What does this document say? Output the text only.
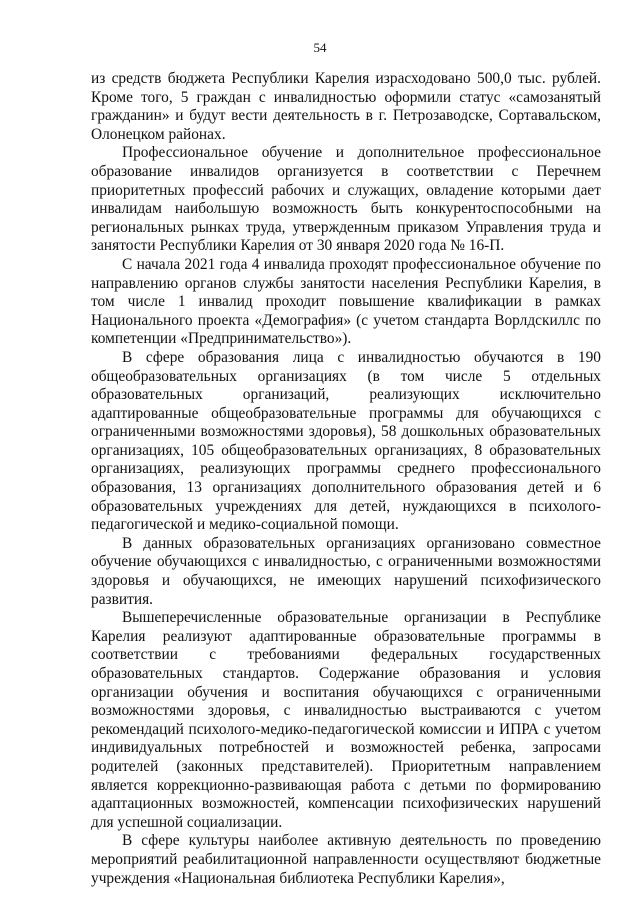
54

из средств бюджета Республики Карелия израсходовано 500,0 тыс. рублей. Кроме того, 5 граждан с инвалидностью оформили статус «самозанятый гражданин» и будут вести деятельность в г. Петрозаводске, Сортавальском, Олонецком районах.

Профессиональное обучение и дополнительное профессиональное образование инвалидов организуется в соответствии с Перечнем приоритетных профессий рабочих и служащих, овладение которыми дает инвалидам наибольшую возможность быть конкурентоспособными на региональных рынках труда, утвержденным приказом Управления труда и занятости Республики Карелия от 30 января 2020 года № 16-П.

С начала 2021 года 4 инвалида проходят профессиональное обучение по направлению органов службы занятости населения Республики Карелия, в том числе 1 инвалид проходит повышение квалификации в рамках Национального проекта «Демография» (с учетом стандарта Ворлдскиллс по компетенции «Предпринимательство»).

В сфере образования лица с инвалидностью обучаются в 190 общеобразовательных организациях (в том числе 5 отдельных образовательных организаций, реализующих исключительно адаптированные общеобразовательные программы для обучающихся с ограниченными возможностями здоровья), 58 дошкольных образовательных организациях, 105 общеобразовательных организациях, 8 образовательных организациях, реализующих программы среднего профессионального образования, 13 организациях дополнительного образования детей и 6 образовательных учреждениях для детей, нуждающихся в психолого-педагогической и медико-социальной помощи.

В данных образовательных организациях организовано совместное обучение обучающихся с инвалидностью, с ограниченными возможностями здоровья и обучающихся, не имеющих нарушений психофизического развития.

Вышеперечисленные образовательные организации в Республике Карелия реализуют адаптированные образовательные программы в соответствии с требованиями федеральных государственных образовательных стандартов. Содержание образования и условия организации обучения и воспитания обучающихся с ограниченными возможностями здоровья, с инвалидностью выстраиваются с учетом рекомендаций психолого-медико-педагогической комиссии и ИПРА с учетом индивидуальных потребностей и возможностей ребенка, запросами родителей (законных представителей). Приоритетным направлением является коррекционно-развивающая работа с детьми по формированию адаптационных возможностей, компенсации психофизических нарушений для успешной социализации.

В сфере культуры наиболее активную деятельность по проведению мероприятий реабилитационной направленности осуществляют бюджетные учреждения «Национальная библиотека Республики Карелия»,
